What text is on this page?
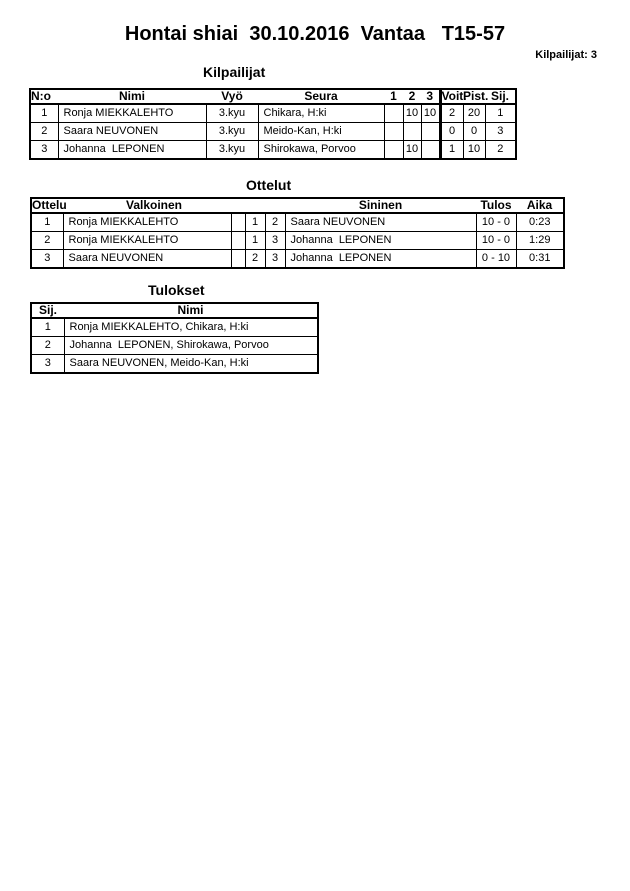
Hontai shiai  30.10.2016  Vantaa   T15-57
Kilpailijat: 3
Kilpailijat
N:o	Nimi	Vyö	Seura	1	2	3	Voit.	Pist.	Sij.
1	Ronja MIEKKALEHTO	3.kyu	Chikara, H:ki		10	10	2	20	1
2	Saara NEUVONEN	3.kyu	Meido-Kan, H:ki				0	0	3
3	Johanna  LEPONEN	3.kyu	Shirokawa, Porvoo		10		1	10	2
Ottelut
Ottelu	Valkoinen				Sininen	Tulos	Aika
1	Ronja MIEKKALEHTO		1	2	Saara NEUVONEN	10 - 0	0:23
2	Ronja MIEKKALEHTO		1	3	Johanna  LEPONEN	10 - 0	1:29
3	Saara NEUVONEN		2	3	Johanna  LEPONEN	0 - 10	0:31
Tulokset
Sij.	Nimi
1	Ronja MIEKKALEHTO, Chikara, H:ki
2	Johanna  LEPONEN, Shirokawa, Porvoo
3	Saara NEUVONEN, Meido-Kan, H:ki
